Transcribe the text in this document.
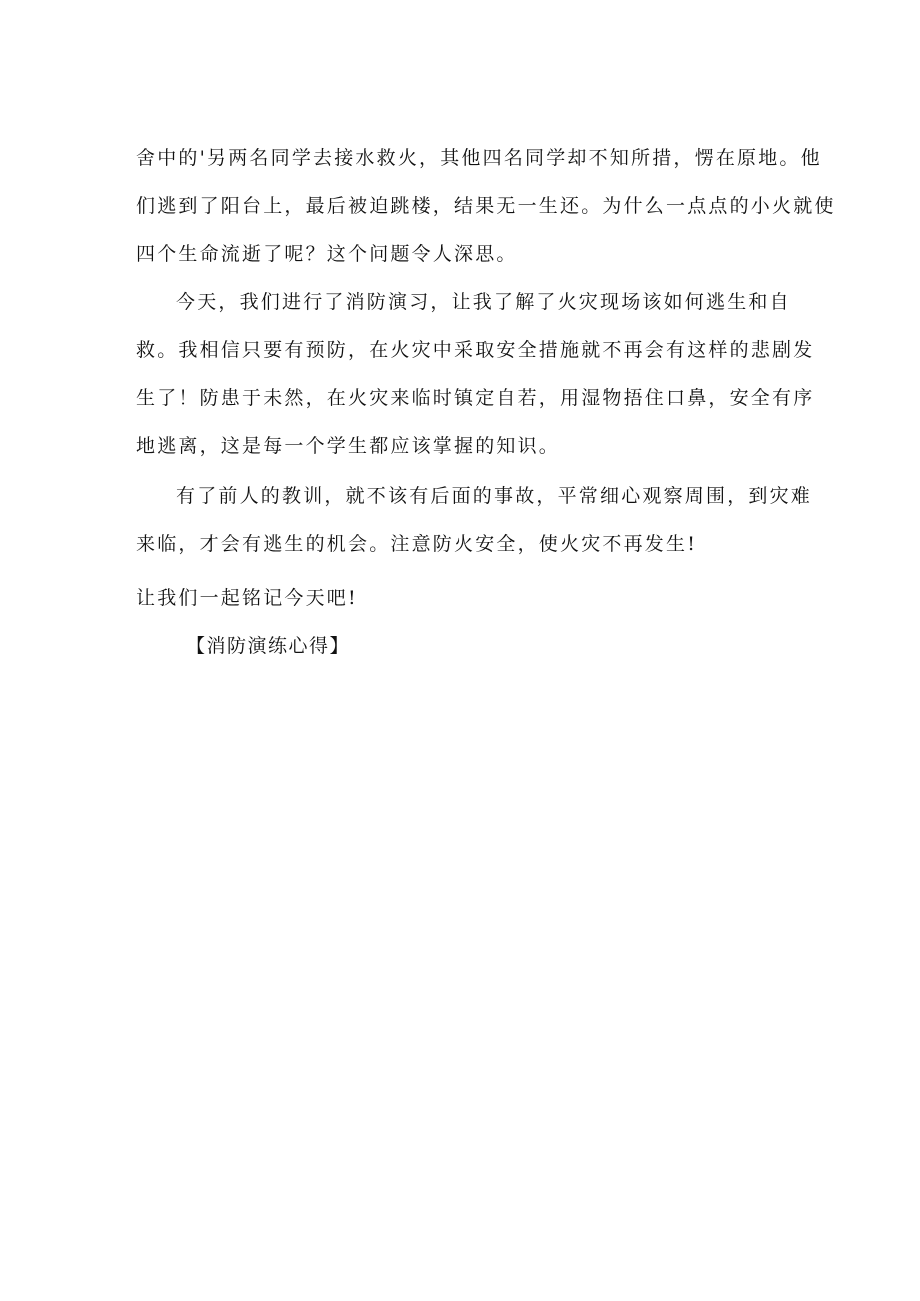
舍中的'另两名同学去接水救火，其他四名同学却不知所措，愣在原地。他
们逃到了阳台上，最后被迫跳楼，结果无一生还。为什么一点点的小火就使
四个生命流逝了呢？这个问题令人深思。
今天，我们进行了消防演习，让我了解了火灾现场该如何逃生和自
救。我相信只要有预防，在火灾中采取安全措施就不再会有这样的悲剧发
生了！防患于未然，在火灾来临时镇定自若，用湿物捂住口鼻，安全有序
地逃离，这是每一个学生都应该掌握的知识。
有了前人的教训，就不该有后面的事故，平常细心观察周围，到灾难
来临，才会有逃生的机会。注意防火安全，使火灾不再发生!
让我们一起铭记今天吧!
【消防演练心得】
